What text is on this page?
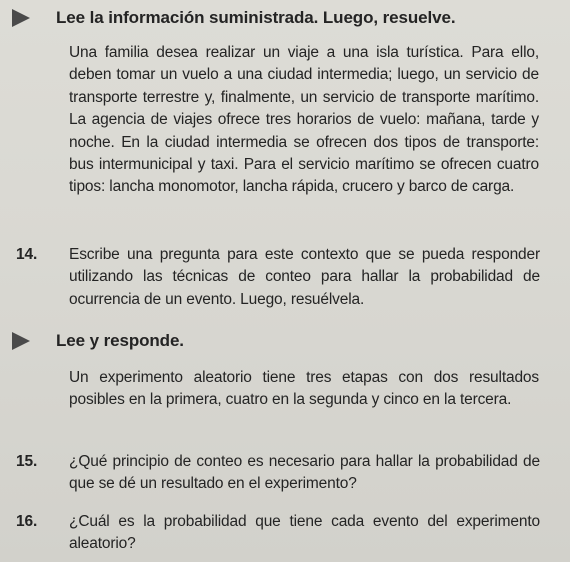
Lee la información suministrada. Luego, resuelve.
Una familia desea realizar un viaje a una isla turística. Para ello, deben tomar un vuelo a una ciudad intermedia; luego, un servicio de transporte terrestre y, finalmente, un servicio de transporte marítimo. La agencia de viajes ofrece tres horarios de vuelo: mañana, tarde y noche. En la ciudad intermedia se ofrecen dos tipos de transporte: bus intermunicipal y taxi. Para el servicio marítimo se ofrecen cuatro tipos: lancha monomotor, lancha rápida, crucero y barco de carga.
14.	Escribe una pregunta para este contexto que se pueda responder utilizando las técnicas de conteo para hallar la probabilidad de ocurrencia de un evento. Luego, resuélvela.
Lee y responde.
Un experimento aleatorio tiene tres etapas con dos resultados posibles en la primera, cuatro en la segunda y cinco en la tercera.
15.	¿Qué principio de conteo es necesario para hallar la probabilidad de que se dé un resultado en el experimento?
16.	¿Cuál es la probabilidad que tiene cada evento del experimento aleatorio?
